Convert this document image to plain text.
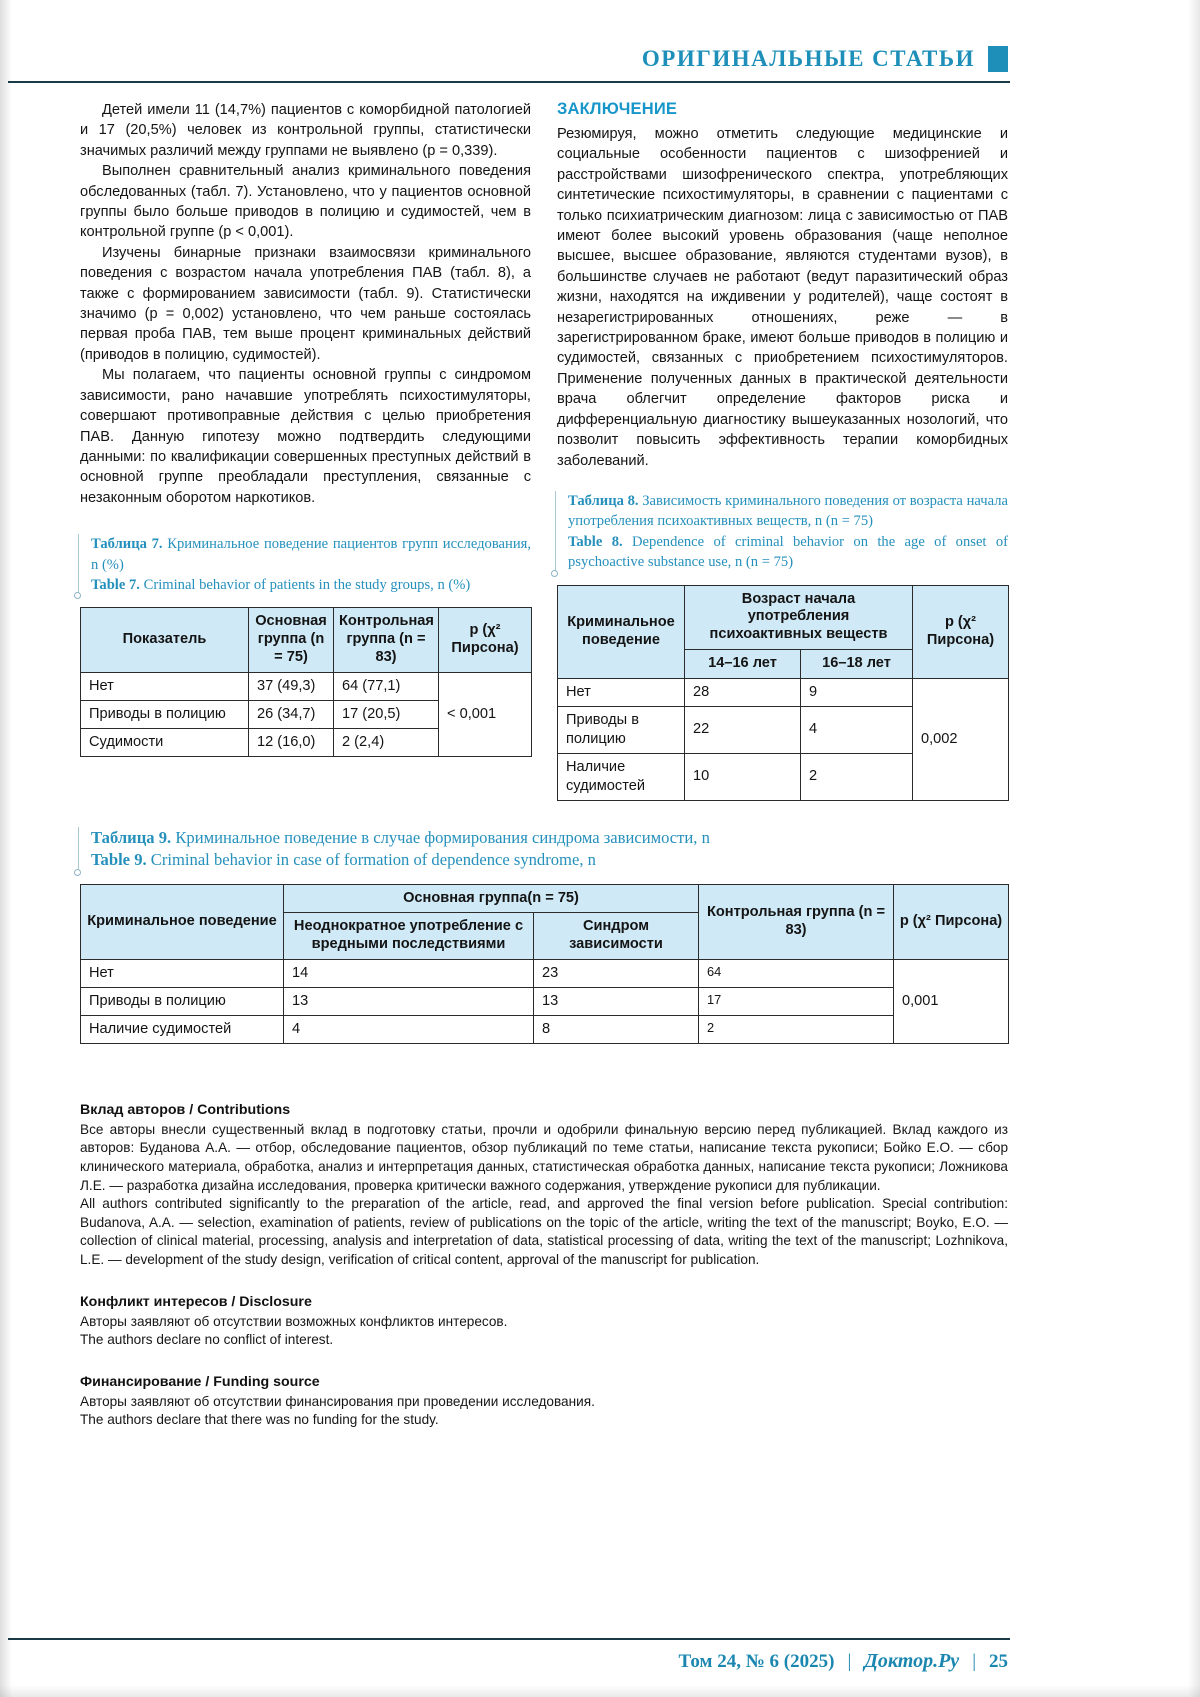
ОРИГИНАЛЬНЫЕ СТАТЬИ

Детей имели 11 (14,7%) пациентов с коморбидной патологией и 17 (20,5%) человек из контрольной группы, статистически значимых различий между группами не выявлено (p = 0,339).

Выполнен сравнительный анализ криминального поведения обследованных (табл. 7). Установлено, что у пациентов основной группы было больше приводов в полицию и судимостей, чем в контрольной группе (p < 0,001).

Изучены бинарные признаки взаимосвязи криминального поведения с возрастом начала употребления ПАВ (табл. 8), а также с формированием зависимости (табл. 9). Статистически значимо (p = 0,002) установлено, что чем раньше состоялась первая проба ПАВ, тем выше процент криминальных действий (приводов в полицию, судимостей).

Мы полагаем, что пациенты основной группы с синдромом зависимости, рано начавшие употреблять психостимуляторы, совершают противоправные действия с целью приобретения ПАВ. Данную гипотезу можно подтвердить следующими данными: по квалификации совершенных преступных действий в основной группе преобладали преступления, связанные с незаконным оборотом наркотиков.

Таблица 7. Криминальное поведение пациентов групп исследования, n (%)

Table 7. Criminal behavior of patients in the study groups, n (%)

Показатель	Основная группа (n = 75)	Контрольная группа (n = 83)	p (χ² Пирсона)
Нет	37 (49,3)	64 (77,1)	< 0,001
Приводы в полицию	26 (34,7)	17 (20,5)	
Судимости	12 (16,0)	2 (2,4)	
ЗАКЛЮЧЕНИЕ

Резюмируя, можно отметить следующие медицинские и социальные особенности пациентов с шизофренией и расстройствами шизофренического спектра, употребляющих синтетические психостимуляторы, в сравнении с пациентами с только психиатрическим диагнозом: лица с зависимостью от ПАВ имеют более высокий уровень образования (чаще неполное высшее, высшее образование, являются студентами вузов), в большинстве случаев не работают (ведут паразитический образ жизни, находятся на иждивении у родителей), чаще состоят в незарегистрированных отношениях, реже — в зарегистрированном браке, имеют больше приводов в полицию и судимостей, связанных с приобретением психостимуляторов. Применение полученных данных в практической деятельности врача облегчит определение факторов риска и дифференциальную диагностику вышеуказанных нозологий, что позволит повысить эффективность терапии коморбидных заболеваний.

Таблица 8. Зависимость криминального поведения от возраста начала употребления психоактивных веществ, n (n = 75)

Table 8. Dependence of criminal behavior on the age of onset of psychoactive substance use, n (n = 75)

Криминальное поведение	Возраст начала употребления психоактивных веществ		p (χ² Пирсона)
	14–16 лет	16–18 лет	
Нет	28	9	0,002
Приводы в полицию	22	4	
Наличие судимостей	10	2	

Таблица 9. Криминальное поведение в случае формирования синдрома зависимости, n

Table 9. Criminal behavior in case of formation of dependence syndrome, n

Криминальное поведение	Основная группа(n = 75)		Контрольная группа (n = 83)	p (χ² Пирсона)
	Неоднократное употребление с вредными последствиями	Синдром зависимости		
Нет	14	23	64	0,001
Приводы в полицию	13	13	17	
Наличие судимостей	4	8	2	
Вклад авторов / Contributions

Все авторы внесли существенный вклад в подготовку статьи, прочли и одобрили финальную версию перед публикацией. Вклад каждого из авторов: Буданова А.А. — отбор, обследование пациентов, обзор публикаций по теме статьи, написание текста рукописи; Бойко Е.О. — сбор клинического материала, обработка, анализ и интерпретация данных, статистическая обработка данных, написание текста рукописи; Ложникова Л.Е. — разработка дизайна исследования, проверка критически важного содержания, утверждение рукописи для публикации.

All authors contributed significantly to the preparation of the article, read, and approved the final version before publication. Special contribution: Budanova, A.A. — selection, examination of patients, review of publications on the topic of the article, writing the text of the manuscript; Boyko, E.O. — collection of clinical material, processing, analysis and interpretation of data, statistical processing of data, writing the text of the manuscript; Lozhnikova, L.E. — development of the study design, verification of critical content, approval of the manuscript for publication.

Конфликт интересов / Disclosure

Авторы заявляют об отсутствии возможных конфликтов интересов.

The authors declare no conflict of interest.

Финансирование / Funding source

Авторы заявляют об отсутствии финансирования при проведении исследования.

The authors declare that there was no funding for the study.

Том 24, № 6 (2025) | Доктор.Ру | 25
